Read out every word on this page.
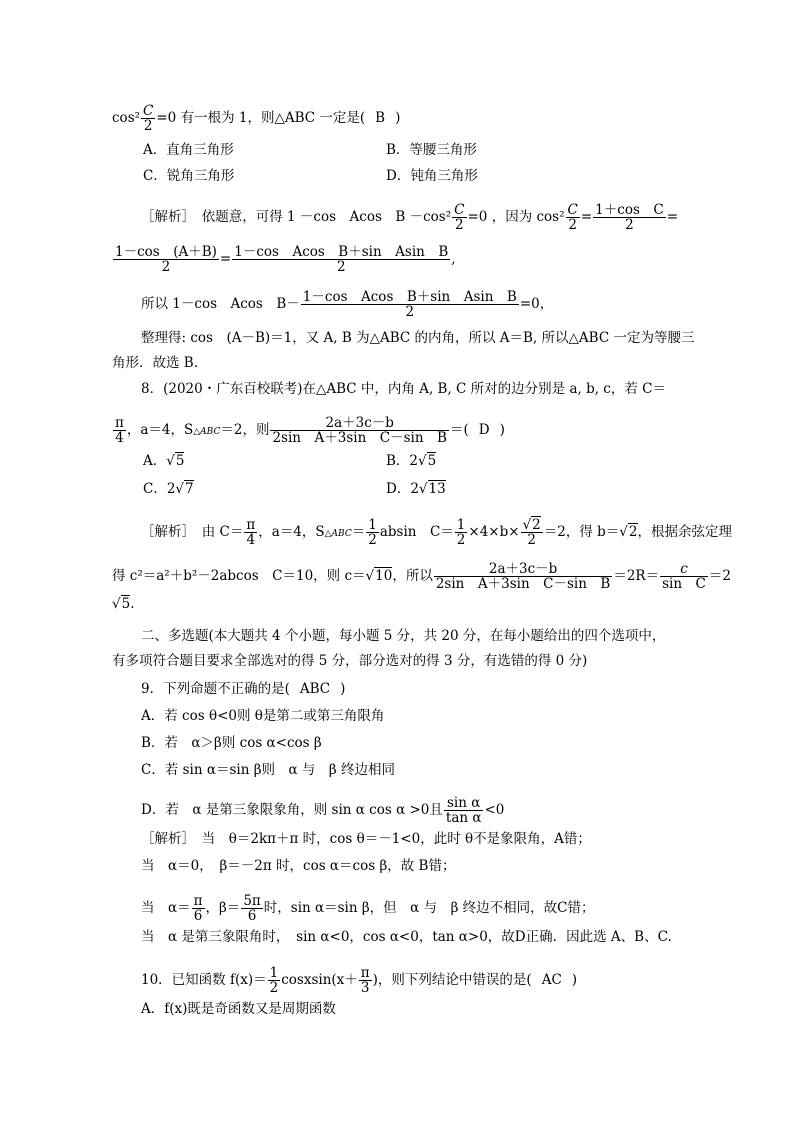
$\cos^2 \frac{C}{2} =0$ 有一根为 1，则△ABC 一定是( B )
A．直角三角形	B．等腰三角形
C．锐角三角形	D．钝角三角形
［解析］　依题意，可得 1 －cos　Acos　$B -\cos^2 \frac{C}{2} =0$ ，因为 $\cos^2 \frac{C}{2} = \frac{\text{1＋cos　C}}{2}$ =
$\frac{1-\cos (A+B)}{2} = \frac{\text{1－cos　Acos　B＋sin　Asin　B}}{2}$ ,
所以 1－cos　Acos　$B- \frac{\text{1－cos　Acos　B＋sin　Asin　B}}{2} =0$，
整理得: cos　(A－B)＝1，又 A, B 为△ABC 的内角，所以 A＝B, 所以△ABC 一定为等腰三
角形．故选 B.
8．(2020・广东百校联考)在△ABC 中，内角 A, B, C 所对的边分别是 a, b, c，若 C＝
$\frac{\pi}{4}$ ，a＝4，S△ABC＝2，则 $\frac{2a+3c-b}{\text{2sin　A＋3sin　C－sin　B}}$ ＝( D )
A．√5	B．2√5
C．2√7	D．2√13
［解析］　由 $C= \frac{\pi}{4}$ ，a＝4，S△ABC＝ $\frac{1}{2}$ absin　$C= \frac{1}{2} \times 4\times b\times \frac{√2}{2} =2$，得 b＝√2，根据余弦定理
得 c²＝a²＋b²－2abcos　C＝10，则 c＝√10，所以 $\frac{2a+3c-b}{\text{2sin　A＋3sin　C－sin　B}} =2R= \frac{c}{\text{sin　C}} =2$
√5.
二、多选题(本大题共 4 个小题，每小题 5 分，共 20 分，在每小题给出的四个选项中，
有多项符合题目要求全部选对的得 5 分，部分选对的得 3 分，有选错的得 0 分)
9．下列命题不正确的是( ABC )
A．若 cos θ<0则 θ是第二或第三角限角
B．若　α＞β则 cos α<cos β
C．若 sin α＝sin β则　α 与　β 终边相同
D．若　α 是第三象限象角，则 sin α cos α >0且 $\frac{\text{sin α}}{\text{tan α}} <0$
［解析］　当　θ＝2kπ＋π 时，cos θ＝－1<0，此时 θ不是象限角，A错；
当　α＝0，　β＝－2π 时，cos α＝cos β，故 B错；
当　$\alpha= \frac{\pi}{6}$ ，$\beta= \frac{5\pi}{6}$ 时，sin α＝sin β，但　α 与　β 终边不相同，故C错；
当　α 是第三象限角时，　sin α<0，cos α<0，tan α>0，故D正确．因此选 A、B、C.
10．已知函数 $f(x)= \frac{1}{2}$ cosxsin(x＋ $\frac{\pi}{3}$ )，则下列结论中错误的是( AC )
A．f(x)既是奇函数又是周期函数
